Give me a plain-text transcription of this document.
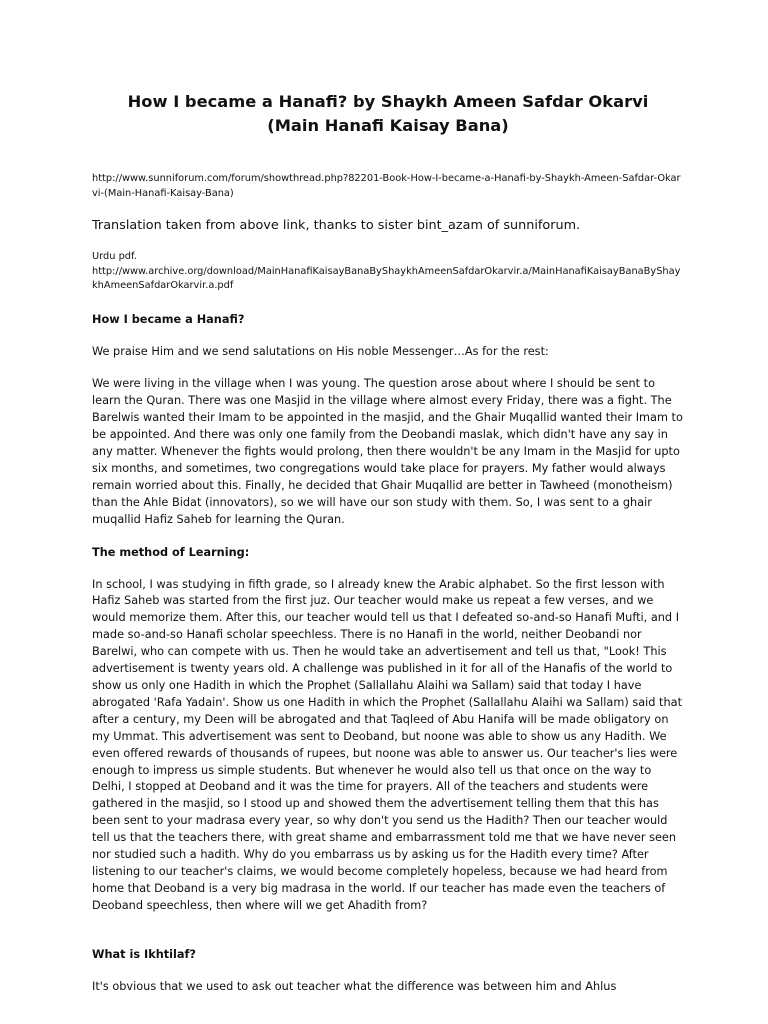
How I became a Hanafi? by Shaykh Ameen Safdar Okarvi
(Main Hanafi Kaisay Bana)

http://www.sunniforum.com/forum/showthread.php?82201-Book-How-I-became-a-Hanafi-by-Shaykh-Ameen-Safdar-Okarvi-(Main-Hanafi-Kaisay-Bana)

Translation taken from above link, thanks to sister bint_azam of sunniforum.

Urdu pdf.

http://www.archive.org/download/MainHanafiKaisayBanaByShaykhAmeenSafdarOkarvir.a/MainHanafiKaisayBanaByShaykhAmeenSafdarOkarvir.a.pdf

How I became a Hanafi?

We praise Him and we send salutations on His noble Messenger…As for the rest:

We were living in the village when I was young. The question arose about where I should be sent to learn the Quran. There was one Masjid in the village where almost every Friday, there was a fight. The Barelwis wanted their Imam to be appointed in the masjid, and the Ghair Muqallid wanted their Imam to be appointed. And there was only one family from the Deobandi maslak, which didn't have any say in any matter. Whenever the fights would prolong, then there wouldn't be any Imam in the Masjid for upto six months, and sometimes, two congregations would take place for prayers. My father would always remain worried about this. Finally, he decided that Ghair Muqallid are better in Tawheed (monotheism) than the Ahle Bidat (innovators), so we will have our son study with them. So, I was sent to a ghair muqallid Hafiz Saheb for learning the Quran.

The method of Learning:

In school, I was studying in fifth grade, so I already knew the Arabic alphabet. So the first lesson with Hafiz Saheb was started from the first juz. Our teacher would make us repeat a few verses, and we would memorize them. After this, our teacher would tell us that I defeated so-and-so Hanafi Mufti, and I made so-and-so Hanafi scholar speechless. There is no Hanafi in the world, neither Deobandi nor Barelwi, who can compete with us. Then he would take an advertisement and tell us that, "Look! This advertisement is twenty years old. A challenge was published in it for all of the Hanafis of the world to show us only one Hadith in which the Prophet (Sallallahu Alaihi wa Sallam) said that today I have abrogated 'Rafa Yadain'. Show us one Hadith in which the Prophet (Sallallahu Alaihi wa Sallam) said that after a century, my Deen will be abrogated and that Taqleed of Abu Hanifa will be made obligatory on my Ummat. This advertisement was sent to Deoband, but noone was able to show us any Hadith. We even offered rewards of thousands of rupees, but noone was able to answer us. Our teacher's lies were enough to impress us simple students. But whenever he would also tell us that once on the way to Delhi, I stopped at Deoband and it was the time for prayers. All of the teachers and students were gathered in the masjid, so I stood up and showed them the advertisement telling them that this has been sent to your madrasa every year, so why don't you send us the Hadith? Then our teacher would tell us that the teachers there, with great shame and embarrassment told me that we have never seen nor studied such a hadith. Why do you embarrass us by asking us for the Hadith every time? After listening to our teacher's claims, we would become completely hopeless, because we had heard from home that Deoband is a very big madrasa in the world. If our teacher has made even the teachers of Deoband speechless, then where will we get Ahadith from?

What is Ikhtilaf?

It's obvious that we used to ask out teacher what the difference was between him and Ahlus
